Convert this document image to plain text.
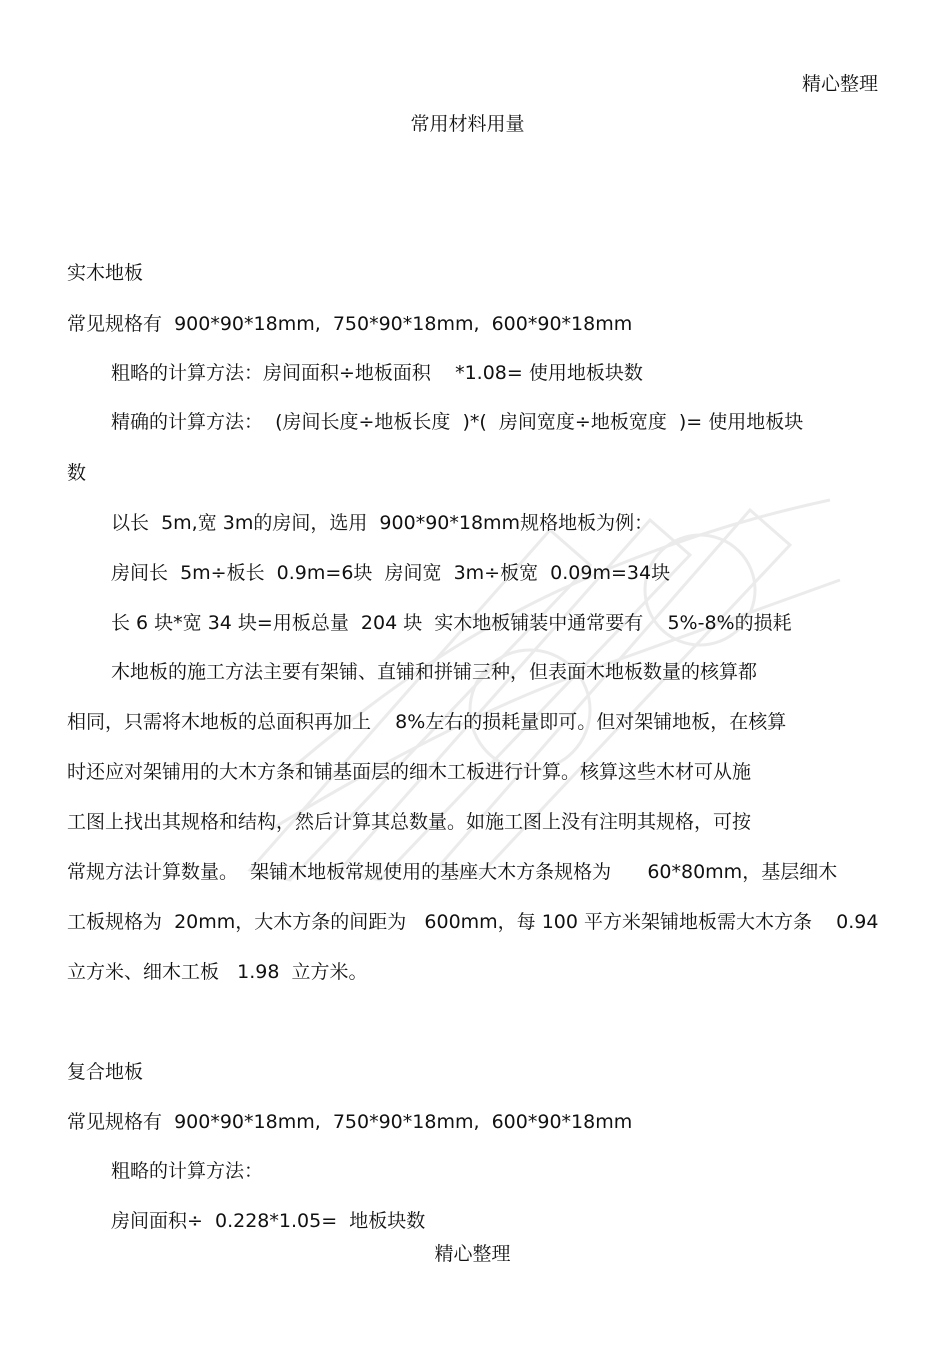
精心整理
常用材料用量
实木地板
常见规格有  900*90*18mm,  750*90*18mm,  600*90*18mm
粗略的计算方法：房间面积÷地板面积    *1.08= 使用地板块数
精确的计算方法：  (房间长度÷地板长度  )*(  房间宽度÷地板宽度  )= 使用地板块
数
以长  5m,宽 3m的房间，选用  900*90*18mm规格地板为例：
房间长  5m÷板长  0.9m=6块  房间宽  3m÷板宽  0.09m=34块
长 6 块*宽 34 块=用板总量  204 块  实木地板铺装中通常要有    5%-8%的损耗
木地板的施工方法主要有架铺、直铺和拼铺三种，但表面木地板数量的核算都
相同，只需将木地板的总面积再加上    8%左右的损耗量即可。但对架铺地板，在核算
时还应对架铺用的大木方条和铺基面层的细木工板进行计算。核算这些木材可从施
工图上找出其规格和结构，然后计算其总数量。如施工图上没有注明其规格，可按
常规方法计算数量。  架铺木地板常规使用的基座大木方条规格为      60*80mm，基层细木
工板规格为  20mm，大木方条的间距为   600mm，每 100 平方米架铺地板需大木方条    0.94
立方米、细木工板   1.98  立方米。
复合地板
常见规格有  900*90*18mm,  750*90*18mm,  600*90*18mm
粗略的计算方法：
房间面积÷  0.228*1.05=  地板块数
精心整理
